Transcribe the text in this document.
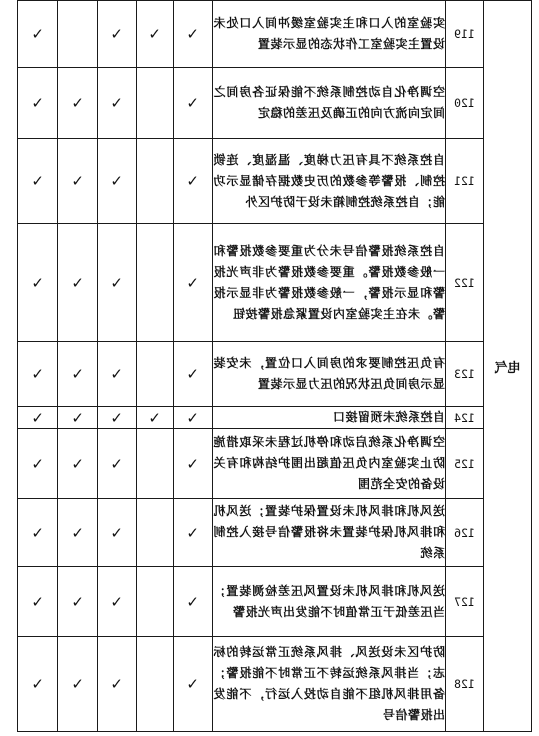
电气	119	实验室的入口和主实验室缓冲间入口处未设置主实验室工作状态的显示装置	✓	✓	✓		✓
	120	空调净化自动控制系统不能保证各房间之间定向流方向的正确及压差的稳定	✓		✓	✓	✓
	121	自控系统不具有压力梯度、温湿度、连锁控制、报警等参数的历史数据存储显示功能；自控系统控制箱未设于防护区外	✓		✓	✓	✓
	122	自控系统报警信号未分为重要参数报警和一般参数报警。重要参数报警为非声光报警和显示报警，一般参数报警为非显示报警。未在主实验室内设置紧急报警按钮	✓		✓	✓	✓
	123	有负压控制要求的房间入口位置，未安装显示房间负压状况的压力显示装置	✓		✓	✓	✓
	124	自控系统未预留接口	✓	✓	✓	✓	✓
	125	空调净化系统启动和停机过程未采取措施防止实验室内负压值超出围护结构和有关设备的安全范围	✓		✓	✓	✓
	126	送风机和排风机未设置保护装置；送风机和排风机保护装置未将报警信号接入控制系统	✓		✓	✓	✓
	127	送风机和排风机未设置风压差检测装置；当压差低于正常值时不能发出声光报警	✓		✓	✓	✓
	128	防护区未设送风、排风系统正常运转的标志；当排风系统运转不正常时不能报警；备用排风机组不能自动投入运行，不能发出报警信号	✓		✓	✓	✓
